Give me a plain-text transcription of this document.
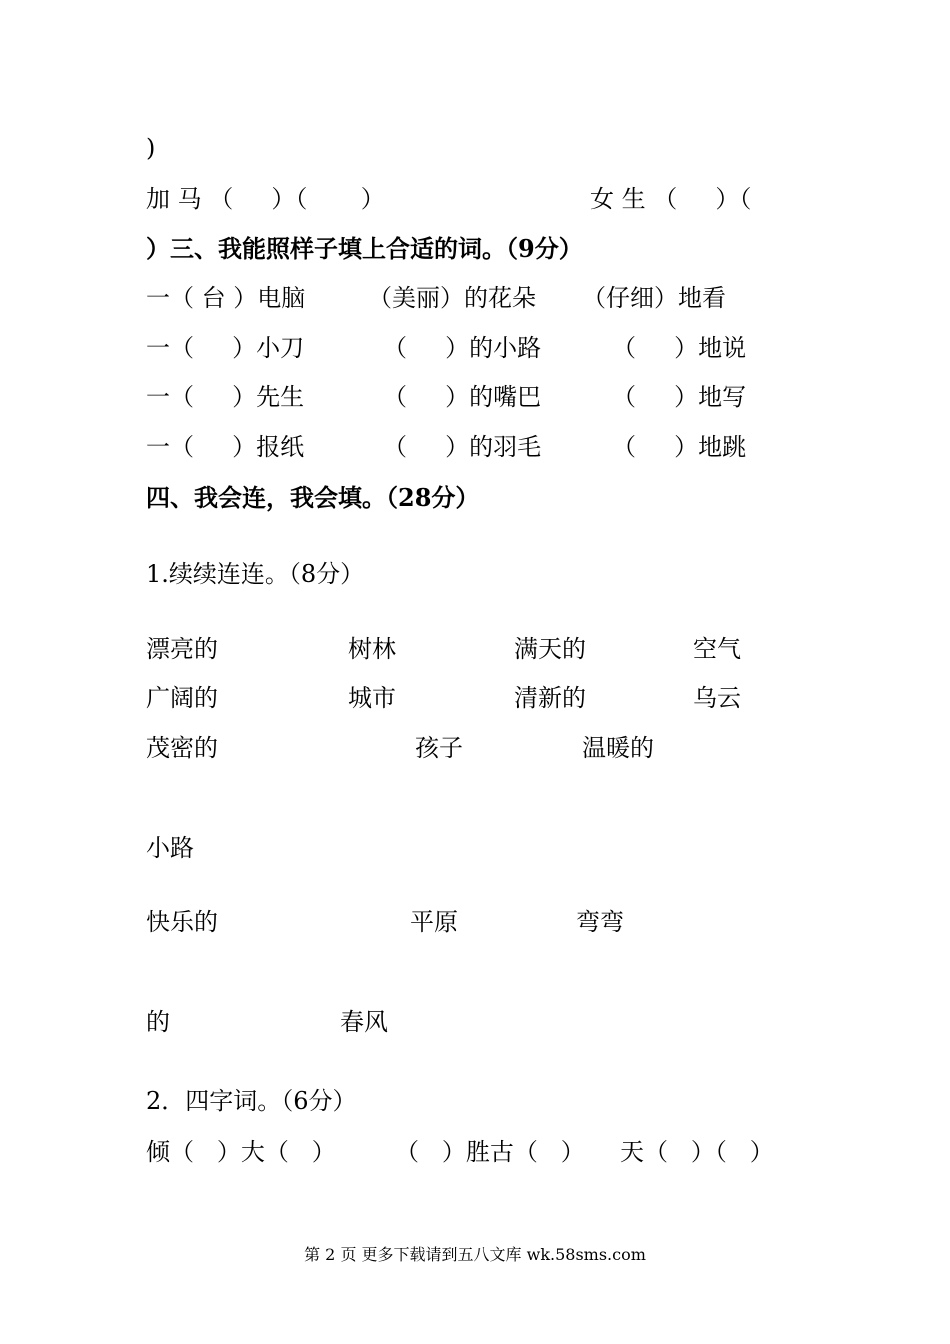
)
加 马 （     ）（       ）	女 生 （     ）（
）三、我能照样子填上合适的词。（9分）
一（ 台 ）电脑	（美丽）的花朵 （仔细）地看
一（     ）小刀	（     ）的小路	（     ）地说
一（     ）先生	（     ）的嘴巴	（     ）地写
一（     ）报纸	（     ）的羽毛	（     ）地跳
四、我会连，我会填。（28分）
1.续续连连。（8分）
漂亮的	树林	满天的	空气
广阔的	城市	清新的	乌云
茂密的	孩子	温暖的
小路
快乐的	平原	弯弯
的	春风
2．四字词。（6分）
倾（   ）大（   ） （   ）胜古（   ） 天（   ）（   ）
第 2 页 更多下载请到五八文库 wk.58sms.com
